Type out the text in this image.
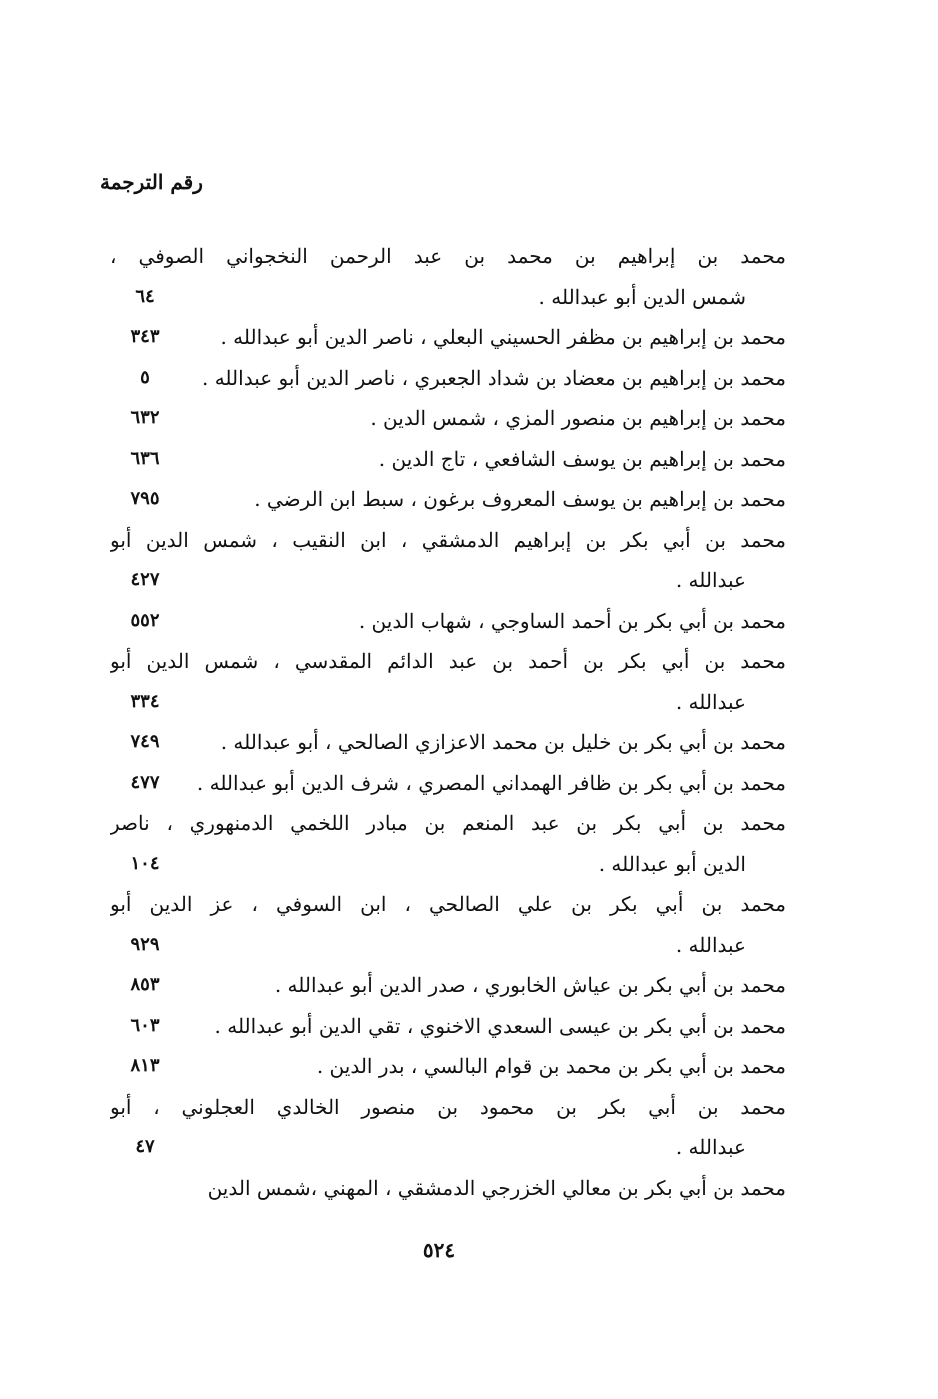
رقم الترجمة
محمد بن إبراهيم بن محمد بن عبد الرحمن النخجواني الصوفي ،
شمس الدين أبو عبدالله .
٦٤
محمد بن إبراهيم بن مظفر الحسيني البعلي ، ناصر الدين أبو عبدالله .
٣٤٣
محمد بن إبراهيم بن معضاد بن شداد الجعبري ، ناصر الدين أبو عبدالله .
٥
محمد بن إبراهيم بن منصور المزي ، شمس الدين .
٦٣٢
محمد بن إبراهيم بن يوسف الشافعي ، تاج الدين .
٦٣٦
محمد بن إبراهيم بن يوسف المعروف برغون ، سبط ابن الرضي .
٧٩٥
محمد بن أبي بكر بن إبراهيم الدمشقي ، ابن النقيب ، شمس الدين أبو
عبدالله .
٤٢٧
محمد بن أبي بكر بن أحمد الساوجي ، شهاب الدين .
٥٥٢
محمد بن أبي بكر بن أحمد بن عبد الدائم المقدسي ، شمس الدين أبو
عبدالله .
٣٣٤
محمد بن أبي بكر بن خليل بن محمد الاعزازي الصالحي ، أبو عبدالله .
٧٤٩
محمد بن أبي بكر بن ظافر الهمداني المصري ، شرف الدين أبو عبدالله .
٤٧٧
محمد بن أبي بكر بن عبد المنعم بن مبادر اللخمي الدمنهوري ، ناصر
الدين أبو عبدالله .
١٠٤
محمد بن أبي بكر بن علي الصالحي ، ابن السوفي ، عز الدين أبو
عبدالله .
٩٢٩
محمد بن أبي بكر بن عياش الخابوري ، صدر الدين أبو عبدالله .
٨٥٣
محمد بن أبي بكر بن عيسى السعدي الاخنوي ، تقي الدين أبو عبدالله .
٦٠٣
محمد بن أبي بكر بن محمد بن قوام البالسي ، بدر الدين .
٨١٣
محمد بن أبي بكر بن محمود بن منصور الخالدي العجلوني ، أبو
عبدالله .
٤٧
محمد بن أبي بكر بن معالي الخزرجي الدمشقي ، المهني ،شمس الدين
٥٢٤
